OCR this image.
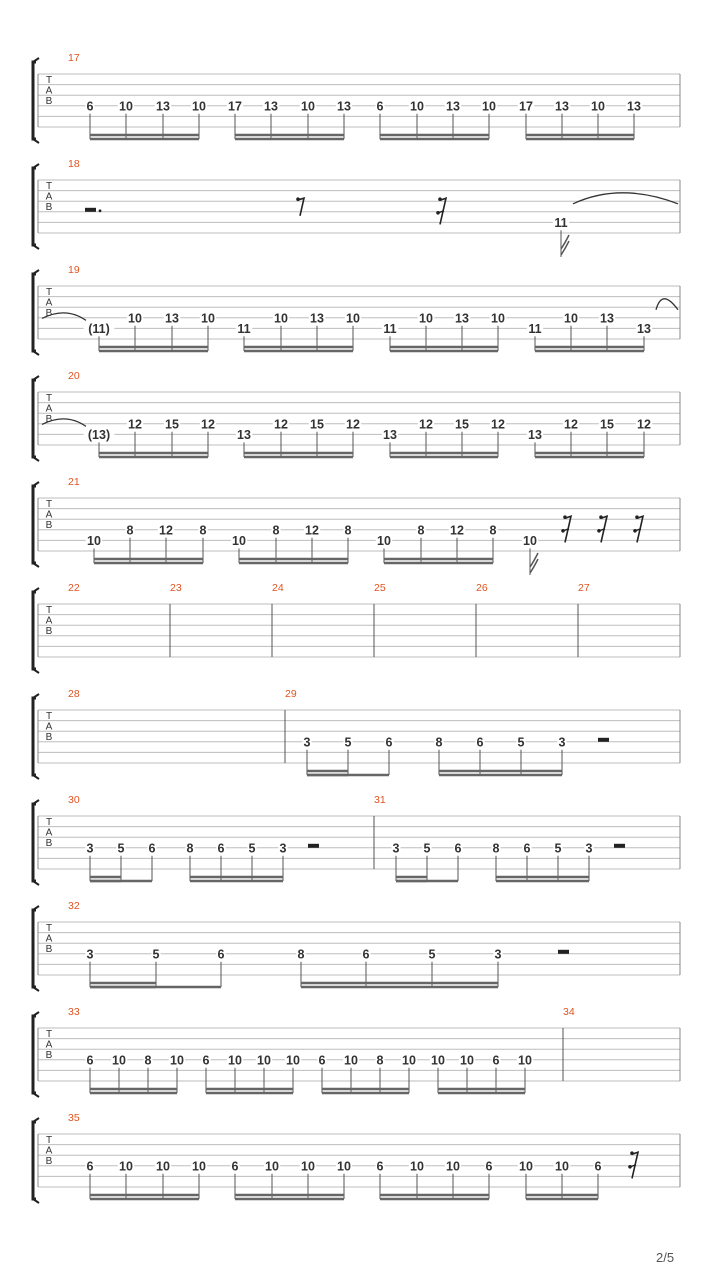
T
A
B
17
6 10 13 10 17 13 10 13 6 10 13 10 17 13 10 13
T
A
B
18
11
T
A
B
19
(11)
10 13 10
11
10 13 10
11
10 13 10
11
10 13
13
T
A
B
20
(13)
12 15 12
13
12 15 12
13
12 15 12
13
12 15 12
T
A
B
21
10
8 12 8
10
8 12 8
10
8 12 8
10
T
A
B
22	23	24	25	26	27
T
A
B
28	29
3	5	6	8	6	5	3
T
A
B
30
3 5 6 8 6 5 3
31
3 5 6 8 6 5 3
T
A
B
32
3	5	6	8	6	5	3
T
A
B
33
6 10 8 10 6 10 10 10 6 10 8 10 10 10 6 10
34
T
A
B
35
6 10 10 10 6 10 10 10 6 10 10 6 10 10 6
2/5
